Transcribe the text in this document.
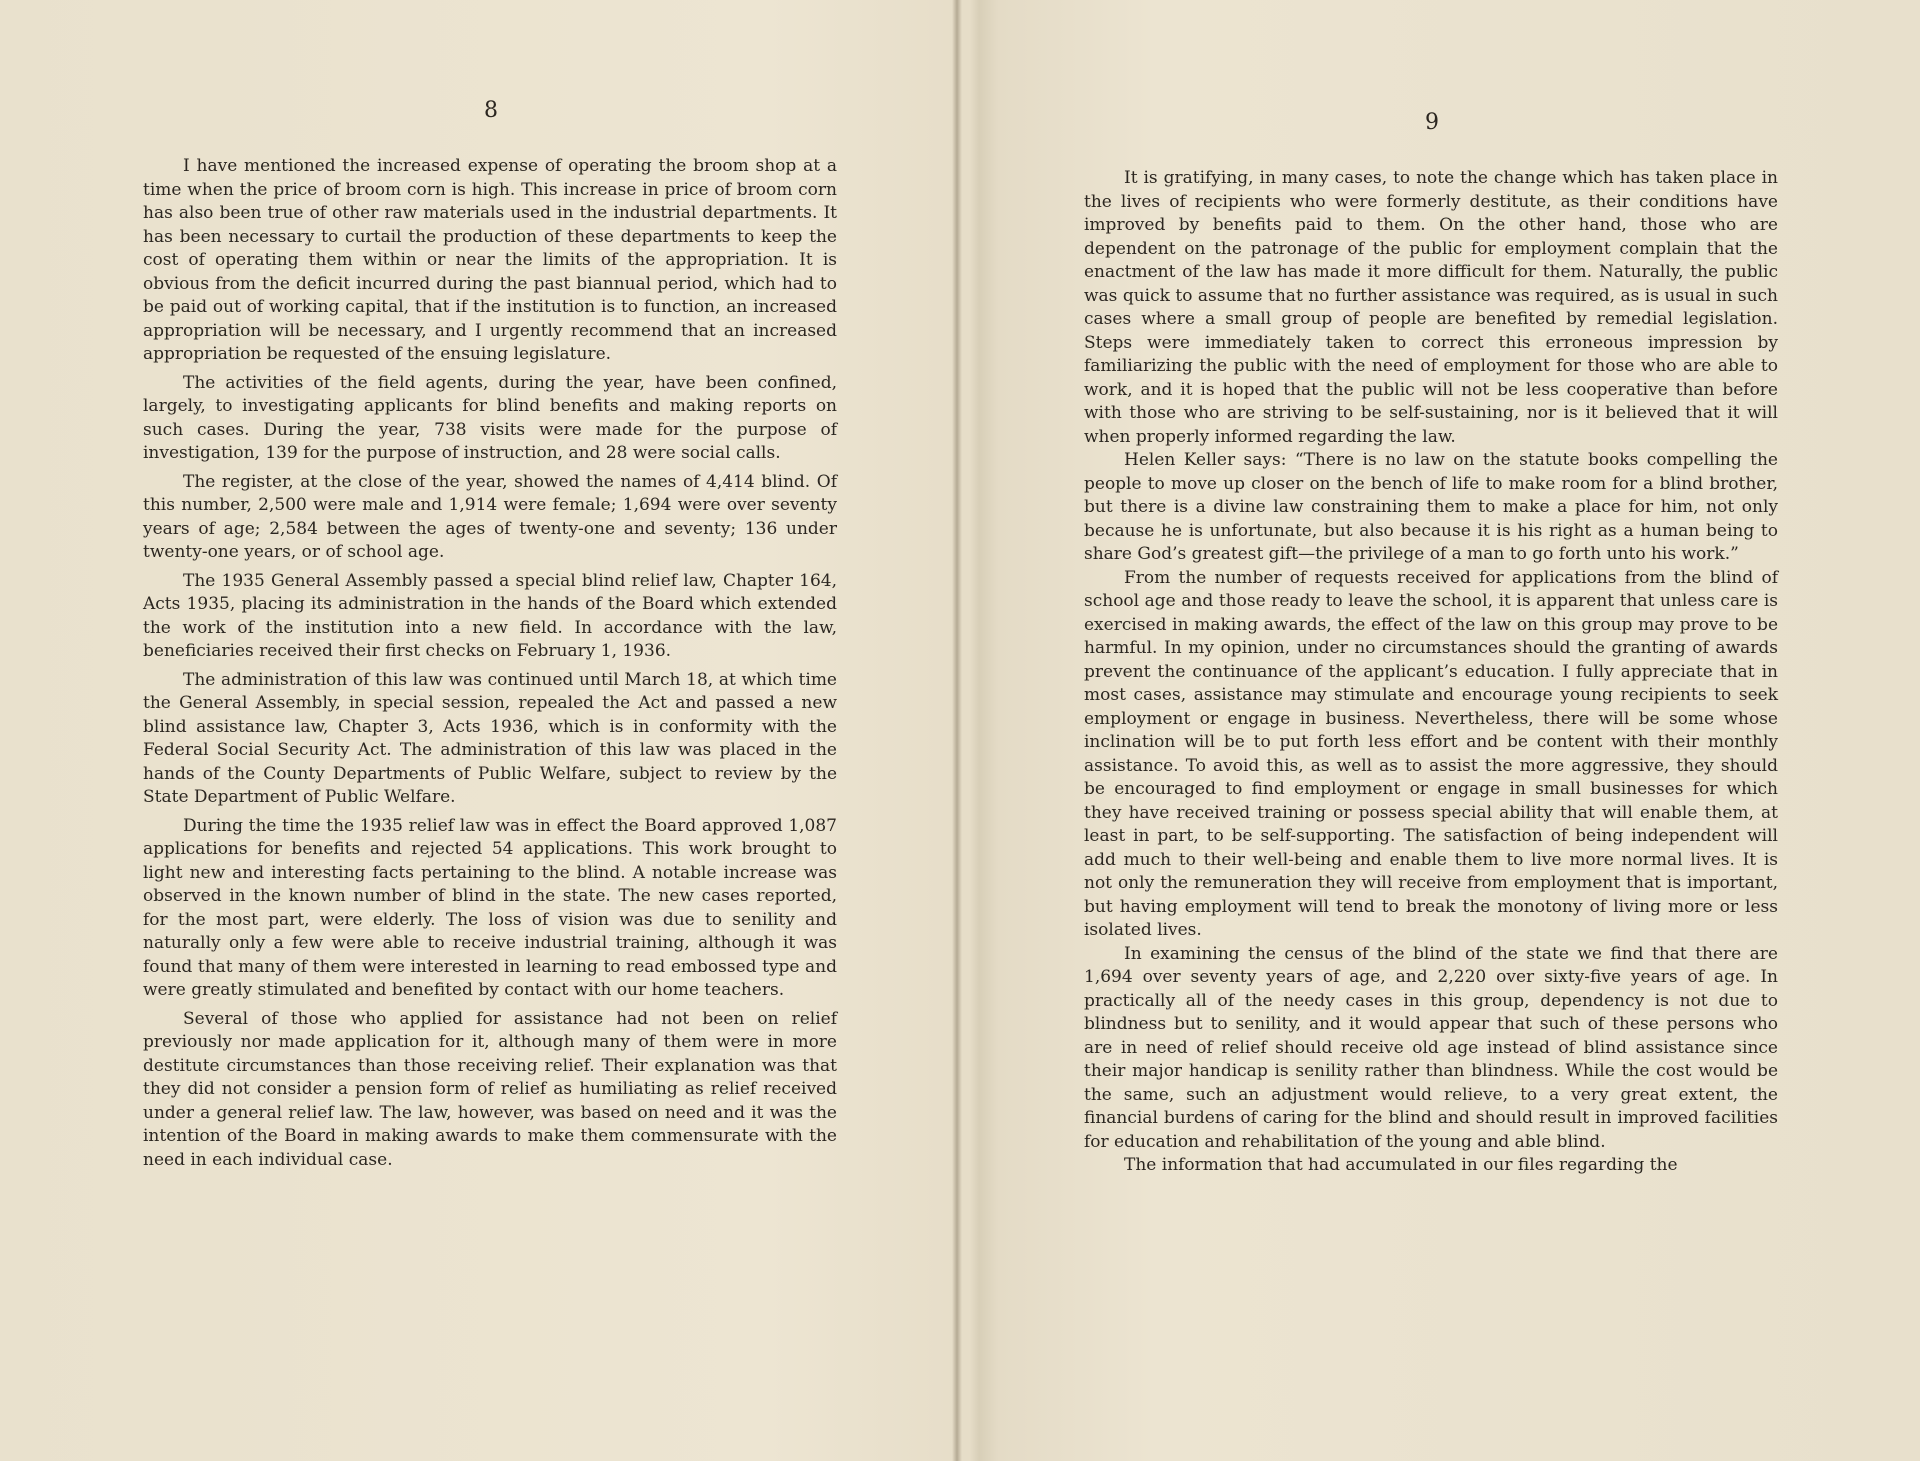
8

I have mentioned the increased expense of operating the broom shop at a time when the price of broom corn is high. This increase in price of broom corn has also been true of other raw materials used in the industrial departments. It has been necessary to curtail the production of these departments to keep the cost of operating them within or near the limits of the appropriation. It is obvious from the deficit incurred during the past biannual period, which had to be paid out of working capital, that if the institution is to function, an increased appropriation will be necessary, and I urgently recommend that an increased appropriation be requested of the ensuing legislature.

The activities of the field agents, during the year, have been confined, largely, to investigating applicants for blind benefits and making reports on such cases. During the year, 738 visits were made for the purpose of investigation, 139 for the purpose of instruction, and 28 were social calls.

The register, at the close of the year, showed the names of 4,414 blind. Of this number, 2,500 were male and 1,914 were female; 1,694 were over seventy years of age; 2,584 between the ages of twenty-one and seventy; 136 under twenty-one years, or of school age.

The 1935 General Assembly passed a special blind relief law, Chapter 164, Acts 1935, placing its administration in the hands of the Board which extended the work of the institution into a new field. In accordance with the law, beneficiaries received their first checks on February 1, 1936.

The administration of this law was continued until March 18, at which time the General Assembly, in special session, repealed the Act and passed a new blind assistance law, Chapter 3, Acts 1936, which is in conformity with the Federal Social Security Act. The administration of this law was placed in the hands of the County Departments of Public Welfare, subject to review by the State Department of Public Welfare.

During the time the 1935 relief law was in effect the Board approved 1,087 applications for benefits and rejected 54 applications. This work brought to light new and interesting facts pertaining to the blind. A notable increase was observed in the known number of blind in the state. The new cases reported, for the most part, were elderly. The loss of vision was due to senility and naturally only a few were able to receive industrial training, although it was found that many of them were interested in learning to read embossed type and were greatly stimulated and benefited by contact with our home teachers.

Several of those who applied for assistance had not been on relief previously nor made application for it, although many of them were in more destitute circumstances than those receiving relief. Their explanation was that they did not consider a pension form of relief as humiliating as relief received under a general relief law. The law, however, was based on need and it was the intention of the Board in making awards to make them commensurate with the need in each individual case.

9

It is gratifying, in many cases, to note the change which has taken place in the lives of recipients who were formerly destitute, as their conditions have improved by benefits paid to them. On the other hand, those who are dependent on the patronage of the public for employment complain that the enactment of the law has made it more difficult for them. Naturally, the public was quick to assume that no further assistance was required, as is usual in such cases where a small group of people are benefited by remedial legislation. Steps were immediately taken to correct this erroneous impression by familiarizing the public with the need of employment for those who are able to work, and it is hoped that the public will not be less cooperative than before with those who are striving to be self-sustaining, nor is it believed that it will when properly informed regarding the law.

Helen Keller says: “There is no law on the statute books compelling the people to move up closer on the bench of life to make room for a blind brother, but there is a divine law constraining them to make a place for him, not only because he is unfortunate, but also because it is his right as a human being to share God’s greatest gift—the privilege of a man to go forth unto his work.”

From the number of requests received for applications from the blind of school age and those ready to leave the school, it is apparent that unless care is exercised in making awards, the effect of the law on this group may prove to be harmful. In my opinion, under no circumstances should the granting of awards prevent the continuance of the applicant’s education. I fully appreciate that in most cases, assistance may stimulate and encourage young recipients to seek employment or engage in business. Nevertheless, there will be some whose inclination will be to put forth less effort and be content with their monthly assistance. To avoid this, as well as to assist the more aggressive, they should be encouraged to find employment or engage in small businesses for which they have received training or possess special ability that will enable them, at least in part, to be self-supporting. The satisfaction of being independent will add much to their well-being and enable them to live more normal lives. It is not only the remuneration they will receive from employment that is important, but having employment will tend to break the monotony of living more or less isolated lives.

In examining the census of the blind of the state we find that there are 1,694 over seventy years of age, and 2,220 over sixty-five years of age. In practically all of the needy cases in this group, dependency is not due to blindness but to senility, and it would appear that such of these persons who are in need of relief should receive old age instead of blind assistance since their major handicap is senility rather than blindness. While the cost would be the same, such an adjustment would relieve, to a very great extent, the financial burdens of caring for the blind and should result in improved facilities for education and rehabilitation of the young and able blind.

The information that had accumulated in our files regarding the
